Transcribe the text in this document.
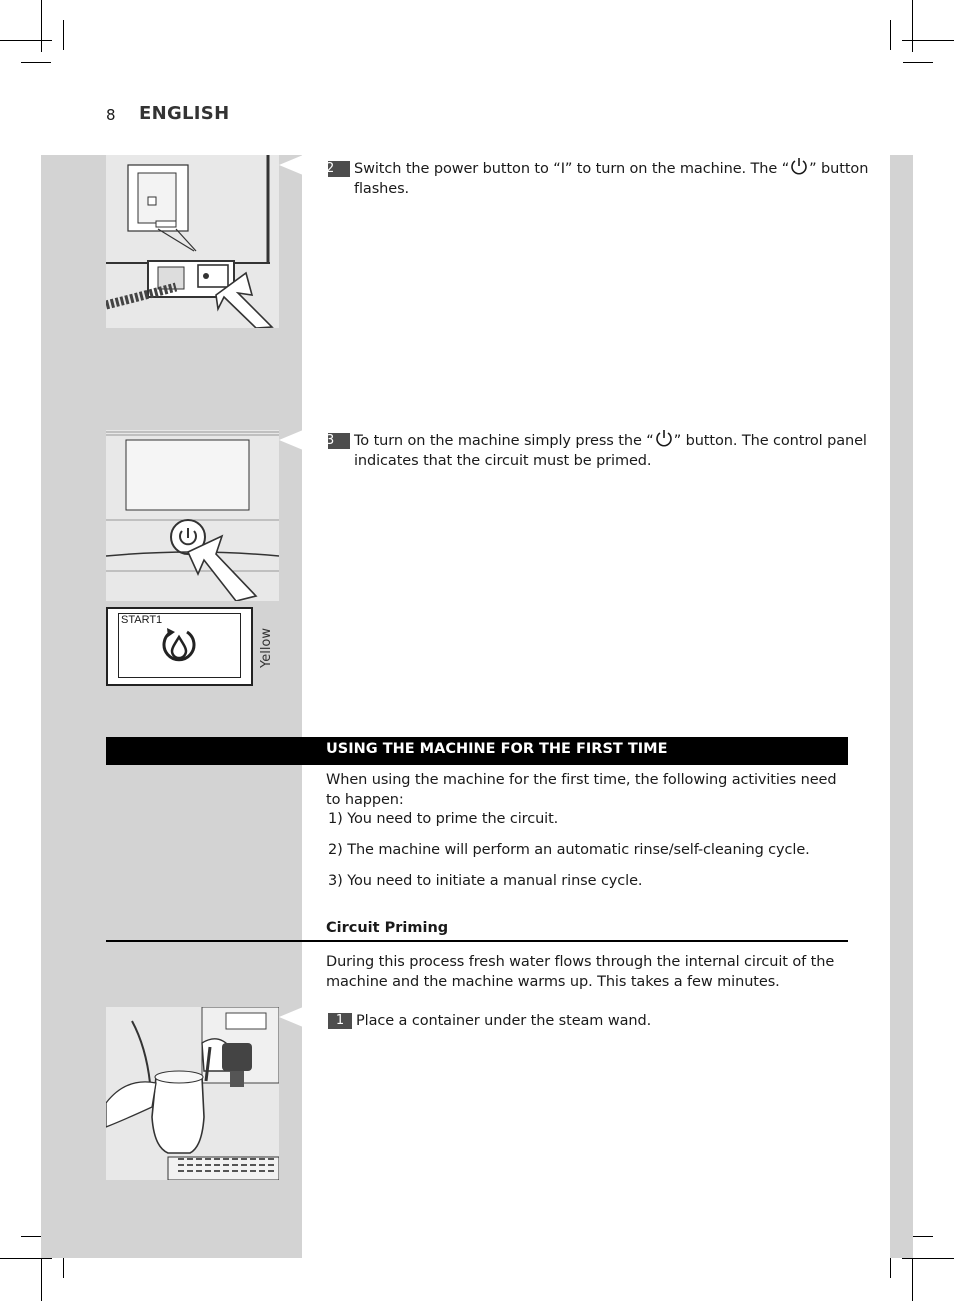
8 ENGLISH
12 Switch the power button to “I” to turn on the machine. The “ ” button flashes.
START1
Yellow
13 To turn on the machine simply press the “ ” button. The control panel indicates that the circuit must be primed.
USING THE MACHINE FOR THE FIRST TIME
When using the machine for the first time, the following activities need to happen:
1) You need to prime the circuit.
2) The machine will perform an automatic rinse/self-cleaning cycle.
3) You need to initiate a manual rinse cycle.
Circuit Priming
During this process fresh water flows through the internal circuit of the machine and the machine warms up. This takes a few minutes.
1 Place a container under the steam wand.
